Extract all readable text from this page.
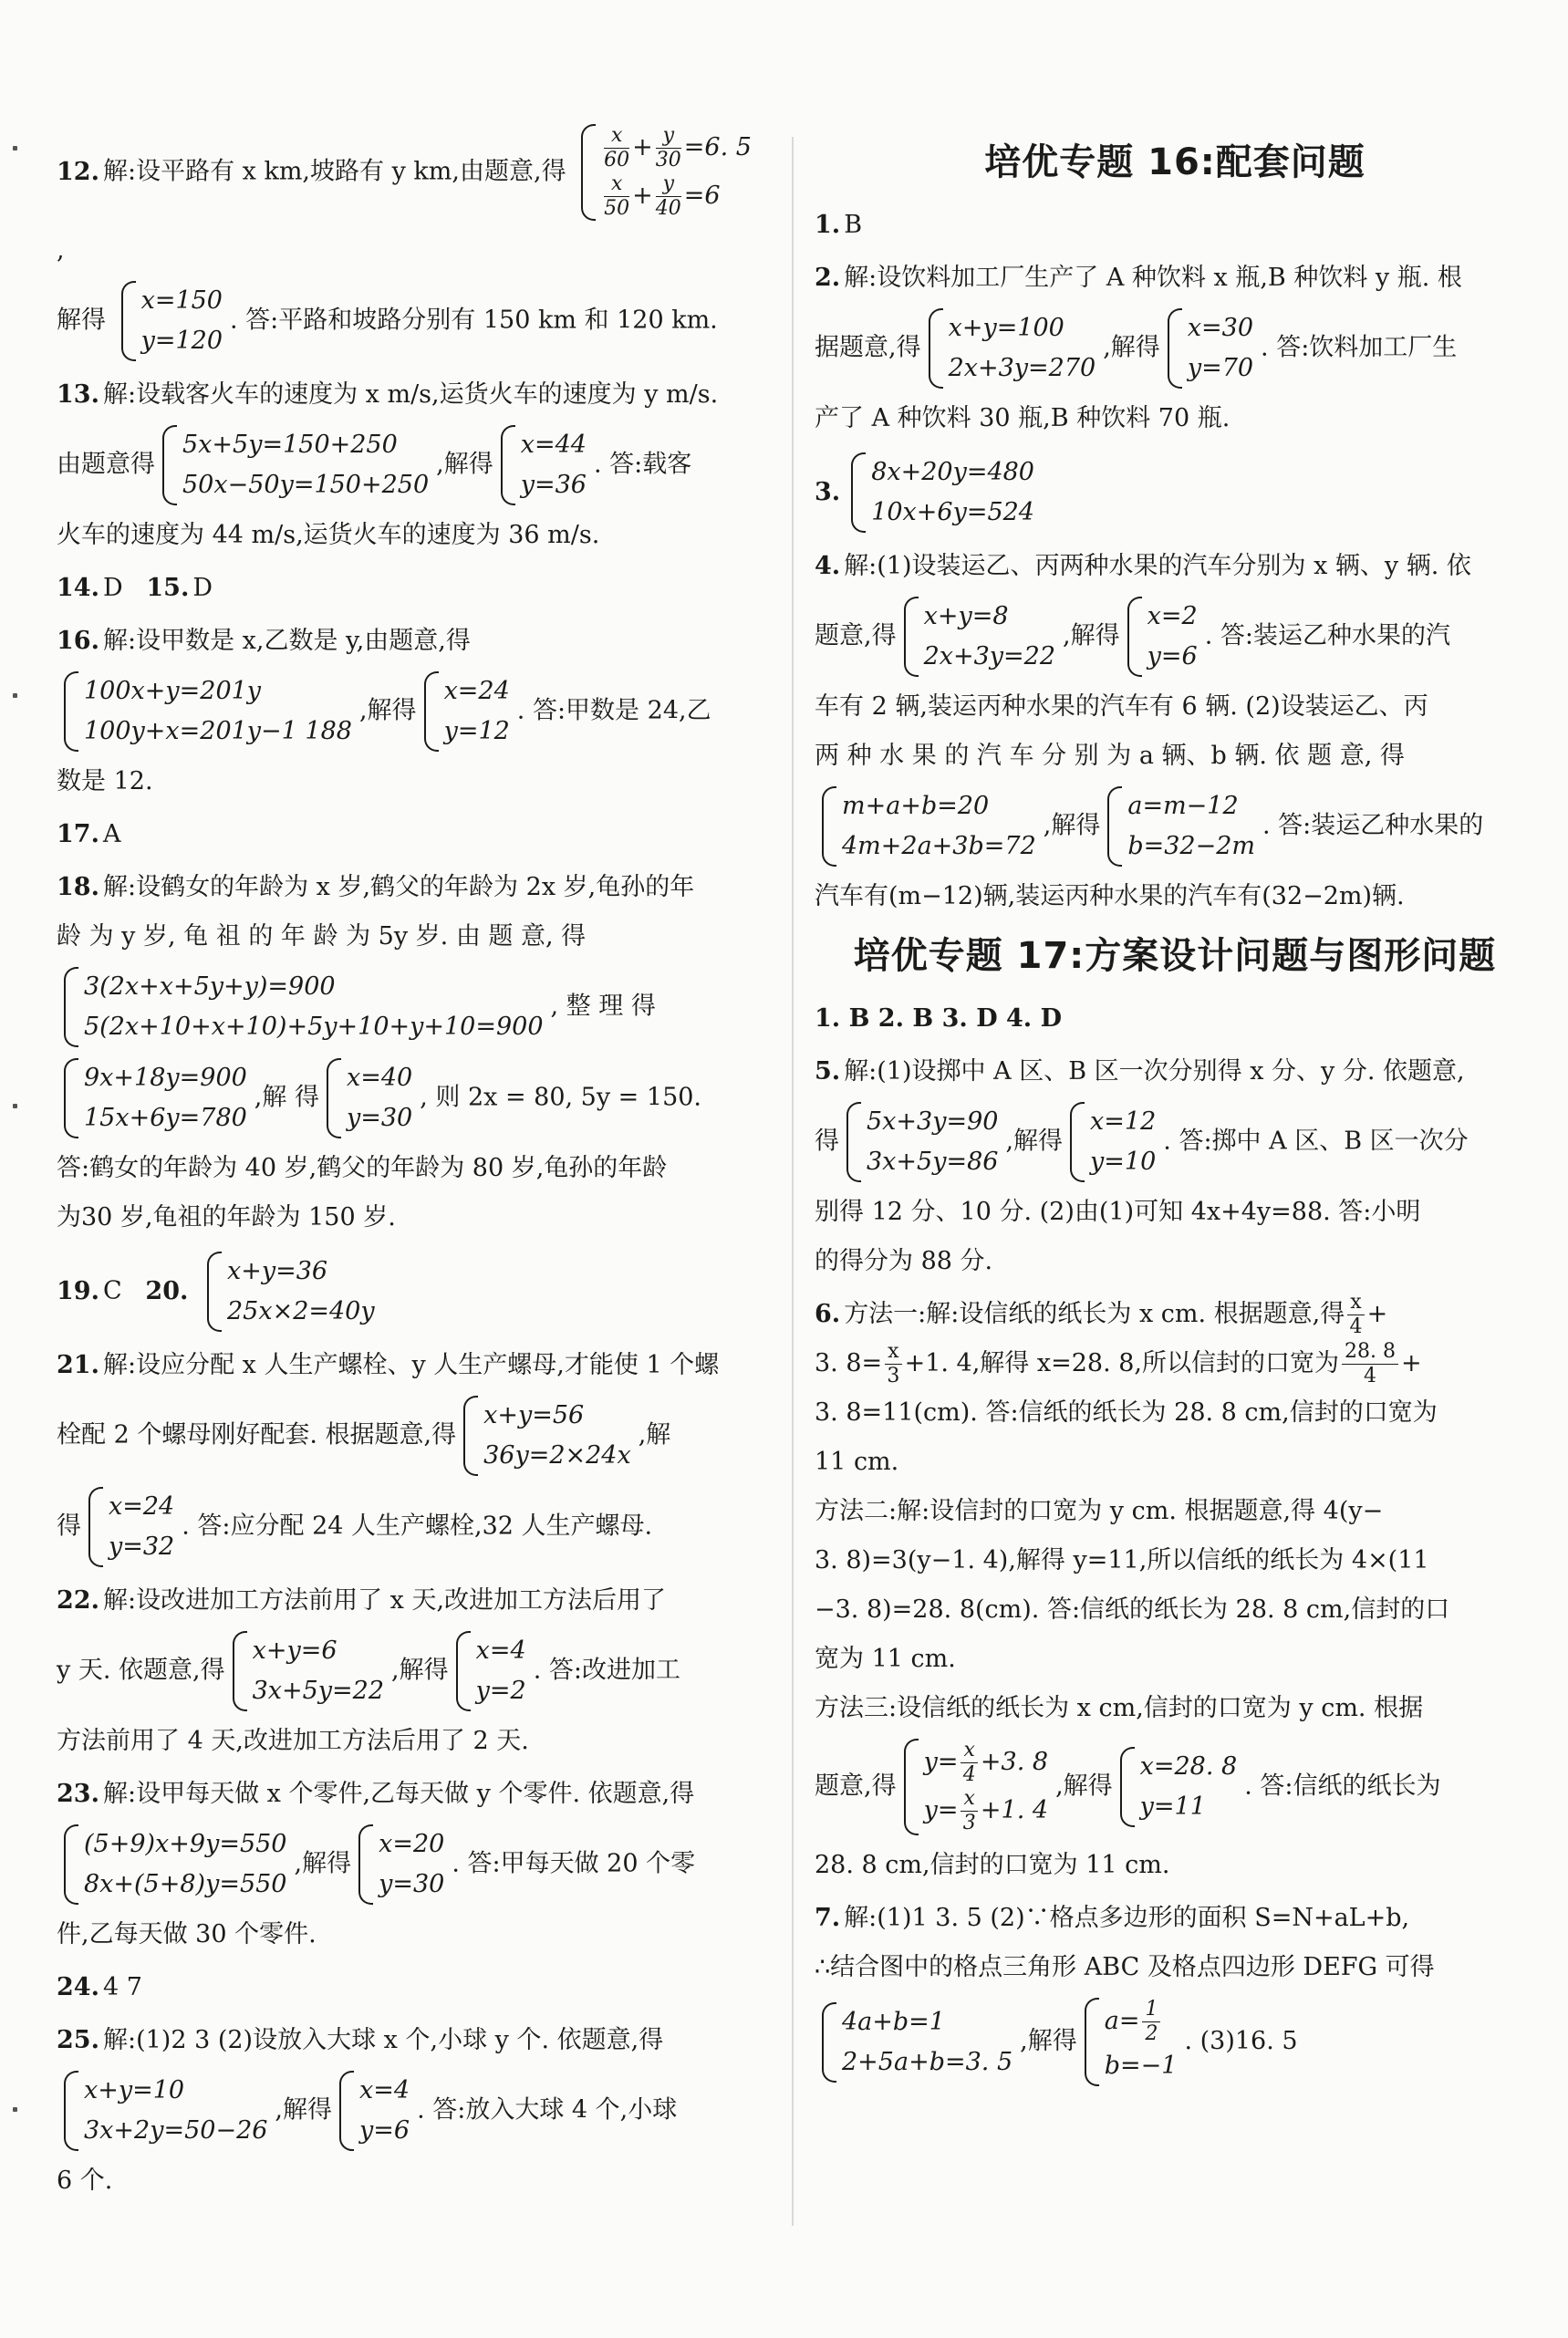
12. 解:设平路有 x km,坡路有 y km,由题意,得 $\frac{x}{60} + \frac{y}{30} =6$. 5
$\frac{x}{50} + \frac{y}{40} =6$
,
解得
x=150
y=120
. 答:平路和坡路分别有 150 km 和 120 km.
13. 解:设载客火车的速度为 x m/s,运货火车的速度为 y m/s.
由题意得
5x+5y=150+250
50x−50y=150+250
,解得
x=44
y=36
. 答:载客
火车的速度为 44 m/s,运货火车的速度为 36 m/s.
14. D 15. D
16. 解:设甲数是 x,乙数是 y,由题意,得

100x+y=201y
100y+x=201y−1 188
,解得
x=24
y=12
. 答:甲数是 24,乙
数是 12.
17. A
18. 解:设鹤女的年龄为 x 岁,鹤父的年龄为 2x 岁,龟孙的年
龄 为 y 岁, 龟 祖 的 年 龄 为 5y 岁. 由 题 意, 得

3(2x+x+5y+y)=900
5(2x+10+x+10)+5y+10+y+10=900
, 整 理 得

9x+18y=900
15x+6y=780
,解 得
x=40
y=30
, 则 2x = 80, 5y = 150.
答:鹤女的年龄为 40 岁,鹤父的年龄为 80 岁,龟孙的年龄
为30 岁,龟祖的年龄为 150 岁.
19. C 20.
x+y=36
25x×2=40y
21. 解:设应分配 x 人生产螺栓、y 人生产螺母,才能使 1 个螺
栓配 2 个螺母刚好配套. 根据题意,得
x+y=56
36y=2×24x
,解
得
x=24
y=32
. 答:应分配 24 人生产螺栓,32 人生产螺母.
22. 解:设改进加工方法前用了 x 天,改进加工方法后用了
y 天. 依题意,得
x+y=6
3x+5y=22
,解得
x=4
y=2
. 答:改进加工
方法前用了 4 天,改进加工方法后用了 2 天.
23. 解:设甲每天做 x 个零件,乙每天做 y 个零件. 依题意,得

(5+9)x+9y=550
8x+(5+8)y=550
,解得
x=20
y=30
. 答:甲每天做 20 个零
件,乙每天做 30 个零件.
24. 4 7
25. 解:(1)2 3 (2)设放入大球 x 个,小球 y 个. 依题意,得

x+y=10
3x+2y=50−26
,解得
x=4
y=6
. 答:放入大球 4 个,小球
6 个.
培优专题 16:配套问题
1. B
2. 解:设饮料加工厂生产了 A 种饮料 x 瓶,B 种饮料 y 瓶. 根
据题意,得
x+y=100
2x+3y=270
,解得
x=30
y=70
. 答:饮料加工厂生
产了 A 种饮料 30 瓶,B 种饮料 70 瓶.
3.
8x+20y=480
10x+6y=524
4. 解:(1)设装运乙、丙两种水果的汽车分别为 x 辆、y 辆. 依
题意,得
x+y=8
2x+3y=22
,解得
x=2
y=6
. 答:装运乙种水果的汽
车有 2 辆,装运丙种水果的汽车有 6 辆. (2)设装运乙、丙
两 种 水 果 的 汽 车 分 别 为 a 辆、b 辆. 依 题 意, 得

m+a+b=20
4m+2a+3b=72
,解得
a=m−12
b=32−2m
. 答:装运乙种水果的
汽车有(m−12)辆,装运丙种水果的汽车有(32−2m)辆.
培优专题 17:方案设计问题与图形问题
1. B 2. B 3. D 4. D
5. 解:(1)设掷中 A 区、B 区一次分别得 x 分、y 分. 依题意,
得
5x+3y=90
3x+5y=86
,解得
x=12
y=10
. 答:掷中 A 区、B 区一次分
别得 12 分、10 分. (2)由(1)可知 4x+4y=88. 答:小明
的得分为 88 分.
6. 方法一:解:设信纸的纸长为 x cm. 根据题意,得 $\frac{x}{4}$ +
3. $8= \frac{x}{3} +1$. 4,解得 x=28. 8,所以信封的口宽为 $\frac{28. 8}{4}$ +
3. 8=11(cm). 答:信纸的纸长为 28. 8 cm,信封的口宽为
11 cm.
方法二:解:设信封的口宽为 y cm. 根据题意,得 4(y−
3. 8)=3(y−1. 4),解得 y=11,所以信纸的纸长为 4×(11
−3. 8)=28. 8(cm). 答:信纸的纸长为 28. 8 cm,信封的口
宽为 11 cm.
方法三:设信纸的纸长为 x cm,信封的口宽为 y cm. 根据
题意,得
$y= \frac{x}{4} +3$. 8
$y= \frac{x}{3} +1$. 4
,解得
x=28. 8
y=11
. 答:信纸的纸长为
28. 8 cm,信封的口宽为 11 cm.
7. 解:(1)1 3. 5 (2)∵格点多边形的面积 S=N+aL+b,
∴结合图中的格点三角形 ABC 及格点四边形 DEFG 可得

4a+b=1
2+5a+b=3. 5
,解得
$a= \frac{1}{2}$
b=−1
. (3)16. 5
